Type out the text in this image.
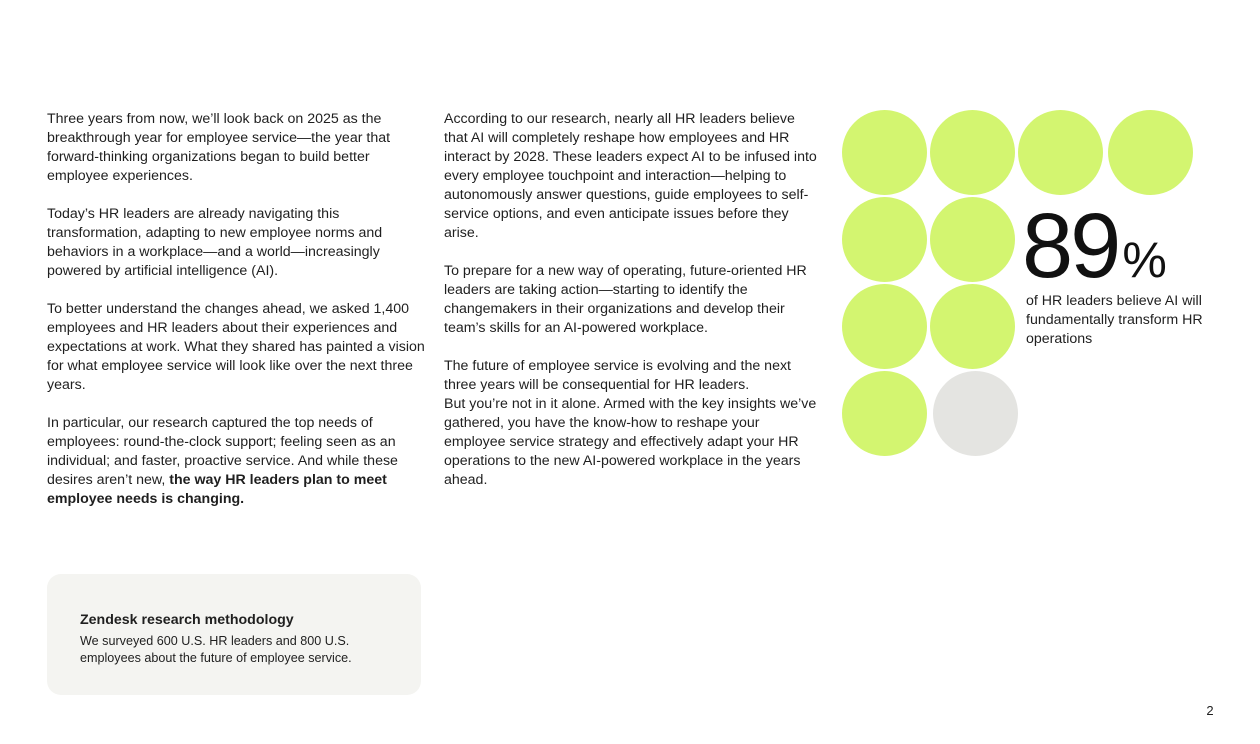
Three years from now, we’ll look back on 2025 as the breakthrough year for employee service—the year that forward-thinking organizations began to build better employee experiences.

Today’s HR leaders are already navigating this transformation, adapting to new employee norms and behaviors in a workplace—and a world—increasingly powered by artificial intelligence (AI).

To better understand the changes ahead, we asked 1,400 employees and HR leaders about their experiences and expectations at work. What they shared has painted a vision for what employee service will look like over the next three years.

In particular, our research captured the top needs of employees: round-the-clock support; feeling seen as an individual; and faster, proactive service. And while these desires aren’t new, the way HR leaders plan to meet employee needs is changing.

According to our research, nearly all HR leaders believe that AI will completely reshape how employees and HR interact by 2028. These leaders expect AI to be infused into every employee touchpoint and interaction—helping to autonomously answer questions, guide employees to self-service options, and even anticipate issues before they arise.

To prepare for a new way of operating, future-oriented HR leaders are taking action—starting to identify the changemakers in their organizations and develop their team’s skills for an AI-powered workplace.

The future of employee service is evolving and the next three years will be consequential for HR leaders.
But you’re not in it alone. Armed with the key insights we’ve gathered, you have the know-how to reshape your employee service strategy and effectively adapt your HR operations to the new AI-powered workplace in the years ahead.

Zendesk research methodology

We surveyed 600 U.S. HR leaders and 800 U.S. employees about the future of employee service.

89%
of HR leaders believe AI will fundamentally transform HR operations
2
